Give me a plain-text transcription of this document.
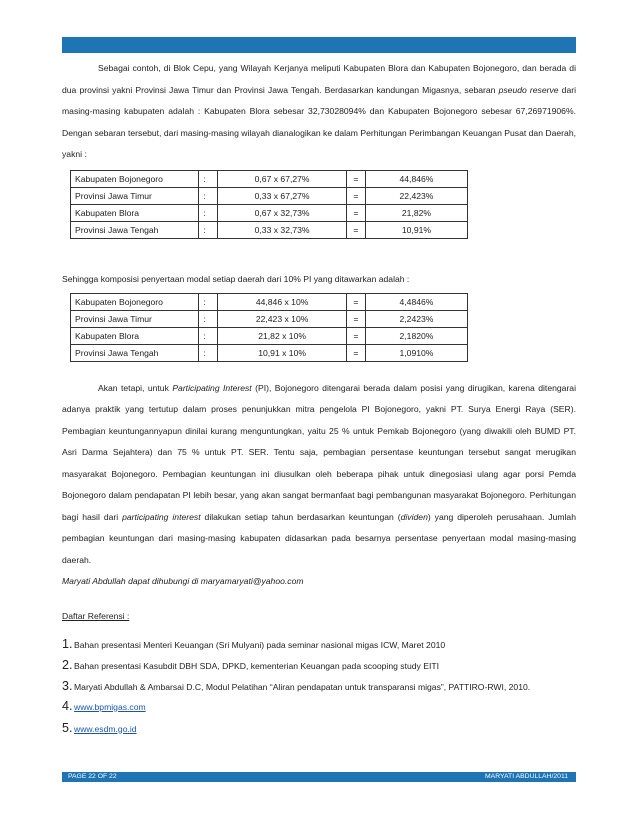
Sebagai contoh, di Blok Cepu, yang Wilayah Kerjanya meliputi Kabupaten Blora dan Kabupaten Bojonegoro, dan berada di dua provinsi yakni Provinsi Jawa Timur dan Provinsi Jawa Tengah. Berdasarkan kandungan Migasnya, sebaran pseudo reserve dari masing-masing kabupaten adalah : Kabupaten Blora sebesar 32,73028094% dan Kabupaten Bojonegoro sebesar 67,26971906%. Dengan sebaran tersebut, dari masing-masing wilayah dianalogikan ke dalam Perhitungan Perimbangan Keuangan Pusat dan Daerah, yakni :

Kabupaten Bojonegoro	:	0,67 x 67,27%	=	44,846%
Provinsi Jawa Timur	:	0,33 x 67,27%	=	22,423%
Kabupaten Blora	:	0,67 x 32,73%	=	21,82%
Provinsi Jawa Tengah	:	0,33 x 32,73%	=	10,91%

Sehingga komposisi penyertaan modal setiap daerah dari 10% PI yang ditawarkan adalah :

Kabupaten Bojonegoro	:	44,846 x 10%	=	4,4846%
Provinsi Jawa Timur	:	22,423 x 10%	=	2,2423%
Kabupaten Blora	:	21,82 x 10%	=	2,1820%
Provinsi Jawa Tengah	:	10,91 x 10%	=	1,0910%

Akan tetapi, untuk Participating Interest (PI), Bojonegoro ditengarai berada dalam posisi yang dirugikan, karena ditengarai adanya praktik yang tertutup dalam proses penunjukkan mitra pengelola PI Bojonegoro, yakni PT. Surya Energi Raya (SER). Pembagian keuntungannyapun dinilai kurang menguntungkan, yaitu 25 % untuk Pemkab Bojonegoro (yang diwakili oleh BUMD PT. Asri Darma Sejahtera) dan 75 % untuk PT. SER. Tentu saja, pembagian persentase keuntungan tersebut sangat merugikan masyarakat Bojonegoro. Pembagian keuntungan ini diusulkan oleh beberapa pihak untuk dinegosiasi ulang agar porsi Pemda Bojonegoro dalam pendapatan PI lebih besar, yang akan sangat bermanfaat bagi pembangunan masyarakat Bojonegoro. Perhitungan bagi hasil dari participating interest dilakukan setiap tahun berdasarkan keuntungan (dividen) yang diperoleh perusahaan. Jumlah pembagian keuntungan dari masing-masing kabupaten didasarkan pada besarnya persentase penyertaan modal masing-masing daerah.

Maryati Abdullah dapat dihubungi di maryamaryati@yahoo.com

Daftar Referensi :

1. Bahan presentasi Menteri Keuangan (Sri Mulyani) pada seminar nasional migas ICW, Maret 2010
2. Bahan presentasi Kasubdit DBH SDA, DPKD, kementerian Keuangan pada scooping study EITI
3. Maryati Abdullah & Ambarsai D.C, Modul Pelatihan “Aliran pendapatan untuk transparansi migas”, PATTIRO-RWI, 2010.
4. www.bpmigas.com
5. www.esdm.go.id
PAGE 22 OF 22	MARYATI ABDULLAH/2011
